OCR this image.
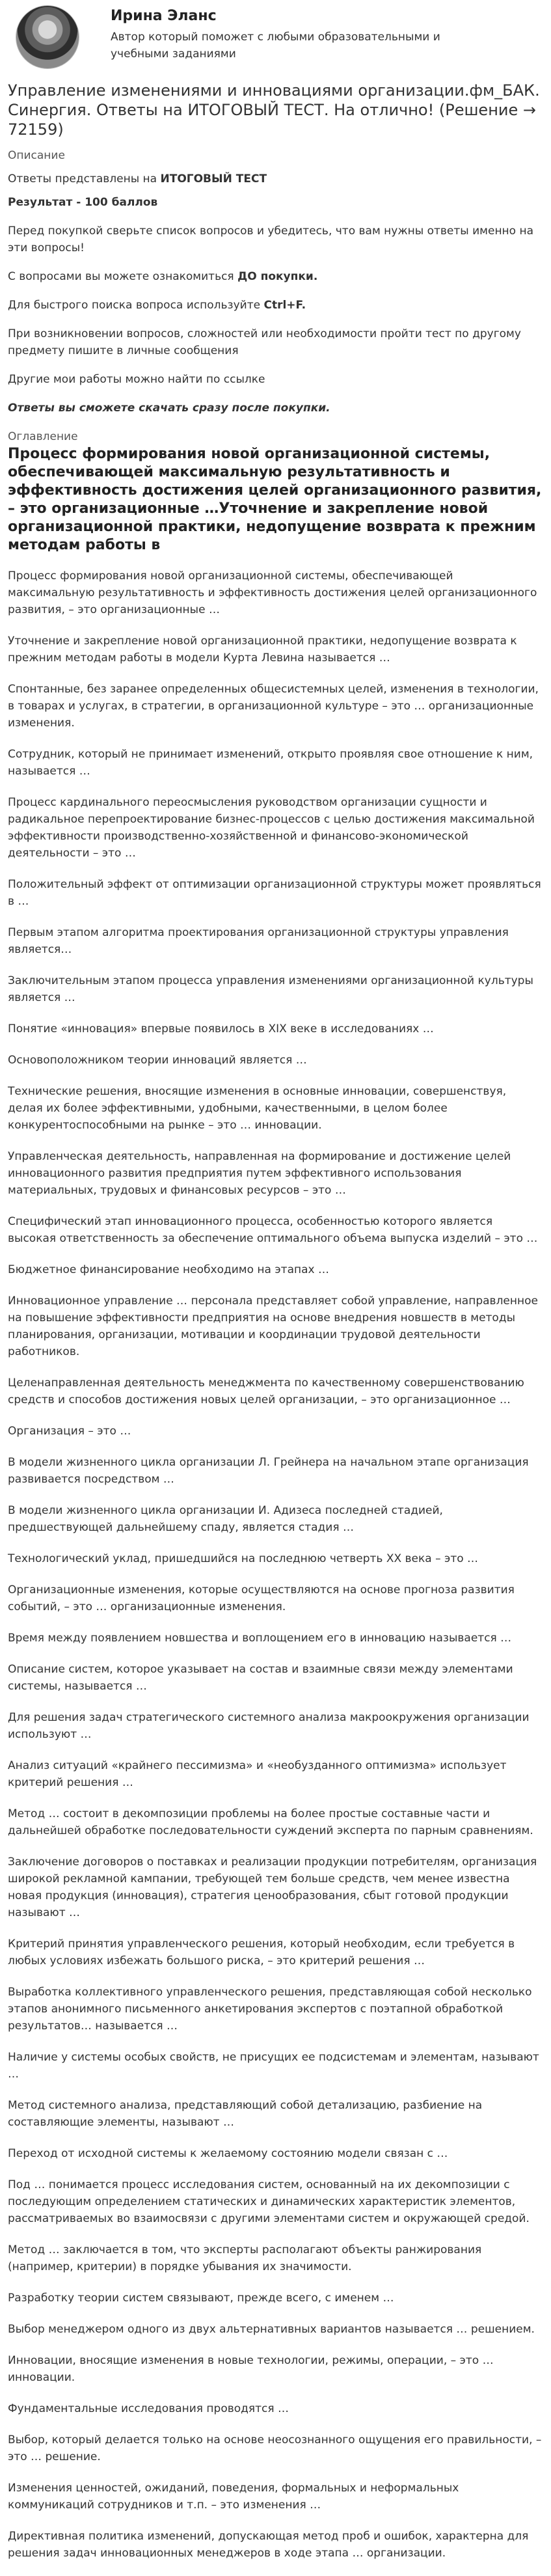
Ирина Эланс
Автор который поможет с любыми образовательными и учебными заданиями
Управление изменениями и инновациями организации.фм_БАК. Синергия. Ответы на ИТОГОВЫЙ ТЕСТ. На отлично! (Решение → 72159)

Описание

Ответы представлены на ИТОГОВЫЙ ТЕСТ

Результат - 100 баллов

Перед покупкой сверьте список вопросов и убедитесь, что вам нужны ответы именно на эти вопросы!

С вопросами вы можете ознакомиться ДО покупки.

Для быстрого поиска вопроса используйте Ctrl+F.

При возникновении вопросов, сложностей или необходимости пройти тест по другому предмету пишите в личные сообщения

Другие мои работы можно найти по ссылке

Ответы вы сможете скачать сразу после покупки.

Оглавление

Процесс формирования новой организационной системы, обеспечивающей максимальную результативность и эффективность достижения целей организационного развития, – это организационные …Уточнение и закрепление новой организационной практики, недопущение возврата к прежним методам работы в

Процесс формирования новой организационной системы, обеспечивающей максимальную результативность и эффективность достижения целей организационного развития, – это организационные …

Уточнение и закрепление новой организационной практики, недопущение возврата к прежним методам работы в модели Курта Левина называется …

Спонтанные, без заранее определенных общесистемных целей, изменения в технологии, в товарах и услугах, в стратегии, в организационной культуре – это … организационные изменения.

Сотрудник, который не принимает изменений, открыто проявляя свое отношение к ним, называется …

Процесс кардинального переосмысления руководством организации сущности и радикальное перепроектирование бизнес-процессов с целью достижения максимальной эффективности производственно-хозяйственной и финансово-экономической деятельности – это …

Положительный эффект от оптимизации организационной структуры может проявляться в …

Первым этапом алгоритма проектирования организационной структуры управления является…

Заключительным этапом процесса управления изменениями организационной культуры является …

Понятие «инновация» впервые появилось в XIX веке в исследованиях …

Основоположником теории инноваций является …

Технические решения, вносящие изменения в основные инновации, совершенствуя, делая их более эффективными, удобными, качественными, в целом более конкурентоспособными на рынке – это … инновации.

Управленческая деятельность, направленная на формирование и достижение целей инновационного развития предприятия путем эффективного использования материальных, трудовых и финансовых ресурсов – это …

Специфический этап инновационного процесса, особенностью которого является высокая ответственность за обеспечение оптимального объема выпуска изделий – это …

Бюджетное финансирование необходимо на этапах …

Инновационное управление … персонала представляет собой управление, направленное на повышение эффективности предприятия на основе внедрения новшеств в методы планирования, организации, мотивации и координации трудовой деятельности работников.

Целенаправленная деятельность менеджмента по качественному совершенствованию средств и способов достижения новых целей организации, – это организационное …

Организация – это …

В модели жизненного цикла организации Л. Грейнера на начальном этапе организация развивается посредством …

В модели жизненного цикла организации И. Адизеса последней стадией, предшествующей дальнейшему спаду, является стадия …

Технологический уклад, пришедшийся на последнюю четверть XX века – это …

Организационные изменения, которые осуществляются на основе прогноза развития событий, – это … организационные изменения.

Время между появлением новшества и воплощением его в инновацию называется …

Описание систем, которое указывает на состав и взаимные связи между элементами системы, называется …

Для решения задач стратегического системного анализа макроокружения организации используют …

Анализ ситуаций «крайнего пессимизма» и «необузданного оптимизма» использует критерий решения …

Метод … состоит в декомпозиции проблемы на более простые составные части и дальнейшей обработке последовательности суждений эксперта по парным сравнениям.

Заключение договоров о поставках и реализации продукции потребителям, организация широкой рекламной кампании, требующей тем больше средств, чем менее известна новая продукция (инновация), стратегия ценообразования, сбыт готовой продукции называют …

Критерий принятия управленческого решения, который необходим, если требуется в любых условиях избежать большого риска, – это критерий решения …

Выработка коллективного управленческого решения, представляющая собой несколько этапов анонимного письменного анкетирования экспертов с поэтапной обработкой результатов… называется …

Наличие у системы особых свойств, не присущих ее подсистемам и элементам, называют …

Метод системного анализа, представляющий собой детализацию, разбиение на составляющие элементы, называют …

Переход от исходной системы к желаемому состоянию модели связан с …

Под … понимается процесс исследования систем, основанный на их декомпозиции с последующим определением статических и динамических характеристик элементов, рассматриваемых во взаимосвязи с другими элементами систем и окружающей средой.

Метод … заключается в том, что эксперты располагают объекты ранжирования (например, критерии) в порядке убывания их значимости.

Разработку теории систем связывают, прежде всего, с именем …

Выбор менеджером одного из двух альтернативных вариантов называется … решением.

Инновации, вносящие изменения в новые технологии, режимы, операции, – это … инновации.

Фундаментальные исследования проводятся …

Выбор, который делается только на основе неосознанного ощущения его правильности, – это … решение.

Изменения ценностей, ожиданий, поведения, формальных и неформальных коммуникаций сотрудников и т.п. – это изменения …

Директивная политика изменений, допускающая метод проб и ошибок, характерна для решения задач инновационных менеджеров в ходе этапа … организации.
